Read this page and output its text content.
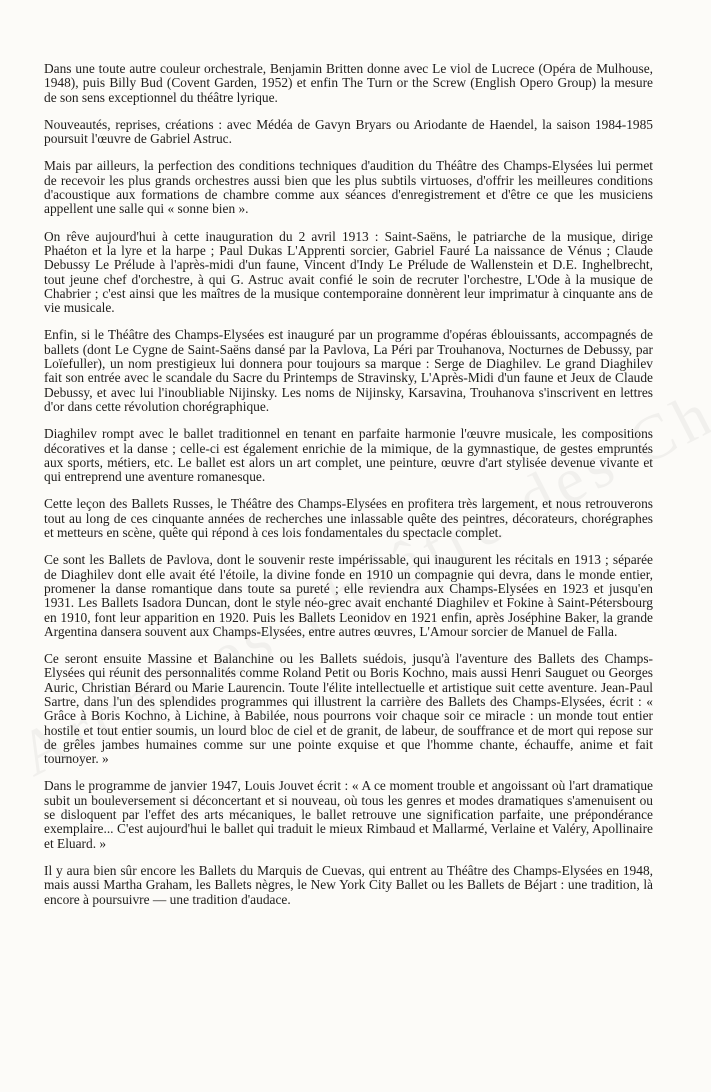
Dans une toute autre couleur orchestrale, Benjamin Britten donne avec Le viol de Lucrece (Opéra de Mulhouse, 1948), puis Billy Bud (Covent Garden, 1952) et enfin The Turn or the Screw (English Opero Group) la mesure de son sens exceptionnel du théâtre lyrique.

Nouveautés, reprises, créations : avec Médéa de Gavyn Bryars ou Ariodante de Haendel, la saison 1984-1985 poursuit l'œuvre de Gabriel Astruc.

Mais par ailleurs, la perfection des conditions techniques d'audition du Théâtre des Champs-Elysées lui permet de recevoir les plus grands orchestres aussi bien que les plus subtils virtuoses, d'offrir les meilleures conditions d'acoustique aux formations de chambre comme aux séances d'enregistrement et d'être ce que les musiciens appellent une salle qui « sonne bien ».

On rêve aujourd'hui à cette inauguration du 2 avril 1913 : Saint-Saëns, le patriarche de la musique, dirige Phaéton et la lyre et la harpe ; Paul Dukas L'Apprenti sorcier, Gabriel Fauré La naissance de Vénus ; Claude Debussy Le Prélude à l'après-midi d'un faune, Vincent d'Indy Le Prélude de Wallenstein et D.E. Inghelbrecht, tout jeune chef d'orchestre, à qui G. Astruc avait confié le soin de recruter l'orchestre, L'Ode à la musique de Chabrier ; c'est ainsi que les maîtres de la musique contemporaine donnèrent leur imprimatur à cinquante ans de vie musicale.

Enfin, si le Théâtre des Champs-Elysées est inauguré par un programme d'opéras éblouissants, accompagnés de ballets (dont Le Cygne de Saint-Saëns dansé par la Pavlova, La Péri par Trouhanova, Nocturnes de Debussy, par Loïefuller), un nom prestigieux lui donnera pour toujours sa marque : Serge de Diaghilev. Le grand Diaghilev fait son entrée avec le scandale du Sacre du Printemps de Stravinsky, L'Après-Midi d'un faune et Jeux de Claude Debussy, et avec lui l'inoubliable Nijinsky. Les noms de Nijinsky, Karsavina, Trouhanova s'inscrivent en lettres d'or dans cette révolution chorégraphique.

Diaghilev rompt avec le ballet traditionnel en tenant en parfaite harmonie l'œuvre musicale, les compositions décoratives et la danse ; celle-ci est également enrichie de la mimique, de la gymnastique, de gestes empruntés aux sports, métiers, etc. Le ballet est alors un art complet, une peinture, œuvre d'art stylisée devenue vivante et qui entreprend une aventure romanesque.

Cette leçon des Ballets Russes, le Théâtre des Champs-Elysées en profitera très largement, et nous retrouverons tout au long de ces cinquante années de recherches une inlassable quête des peintres, décorateurs, chorégraphes et metteurs en scène, quête qui répond à ces lois fondamentales du spectacle complet.

Ce sont les Ballets de Pavlova, dont le souvenir reste impérissable, qui inaugurent les récitals en 1913 ; séparée de Diaghilev dont elle avait été l'étoile, la divine fonde en 1910 un compagnie qui devra, dans le monde entier, promener la danse romantique dans toute sa pureté ; elle reviendra aux Champs-Elysées en 1923 et jusqu'en 1931. Les Ballets Isadora Duncan, dont le style néo-grec avait enchanté Diaghilev et Fokine à Saint-Pétersbourg en 1910, font leur apparition en 1920. Puis les Ballets Leonidov en 1921 enfin, après Joséphine Baker, la grande Argentina dansera souvent aux Champs-Elysées, entre autres œuvres, L'Amour sorcier de Manuel de Falla.

Ce seront ensuite Massine et Balanchine ou les Ballets suédois, jusqu'à l'aventure des Ballets des Champs-Elysées qui réunit des personnalités comme Roland Petit ou Boris Kochno, mais aussi Henri Sauguet ou Georges Auric, Christian Bérard ou Marie Laurencin. Toute l'élite intellectuelle et artistique suit cette aventure. Jean-Paul Sartre, dans l'un des splendides programmes qui illustrent la carrière des Ballets des Champs-Elysées, écrit : « Grâce à Boris Kochno, à Lichine, à Babilée, nous pourrons voir chaque soir ce miracle : un monde tout entier hostile et tout entier soumis, un lourd bloc de ciel et de granit, de labeur, de souffrance et de mort qui repose sur de grêles jambes humaines comme sur une pointe exquise et que l'homme chante, échauffe, anime et fait tournoyer. »

Dans le programme de janvier 1947, Louis Jouvet écrit : « A ce moment trouble et angoissant où l'art dramatique subit un bouleversement si déconcertant et si nouveau, où tous les genres et modes dramatiques s'amenuisent ou se disloquent par l'effet des arts mécaniques, le ballet retrouve une signification parfaite, une prépondérance exemplaire... C'est aujourd'hui le ballet qui traduit le mieux Rimbaud et Mallarmé, Verlaine et Valéry, Apollinaire et Eluard. »

Il y aura bien sûr encore les Ballets du Marquis de Cuevas, qui entrent au Théâtre des Champs-Elysées en 1948, mais aussi Martha Graham, les Ballets nègres, le New York City Ballet ou les Ballets de Béjart : une tradition, là encore à poursuivre — une tradition d'audace.
